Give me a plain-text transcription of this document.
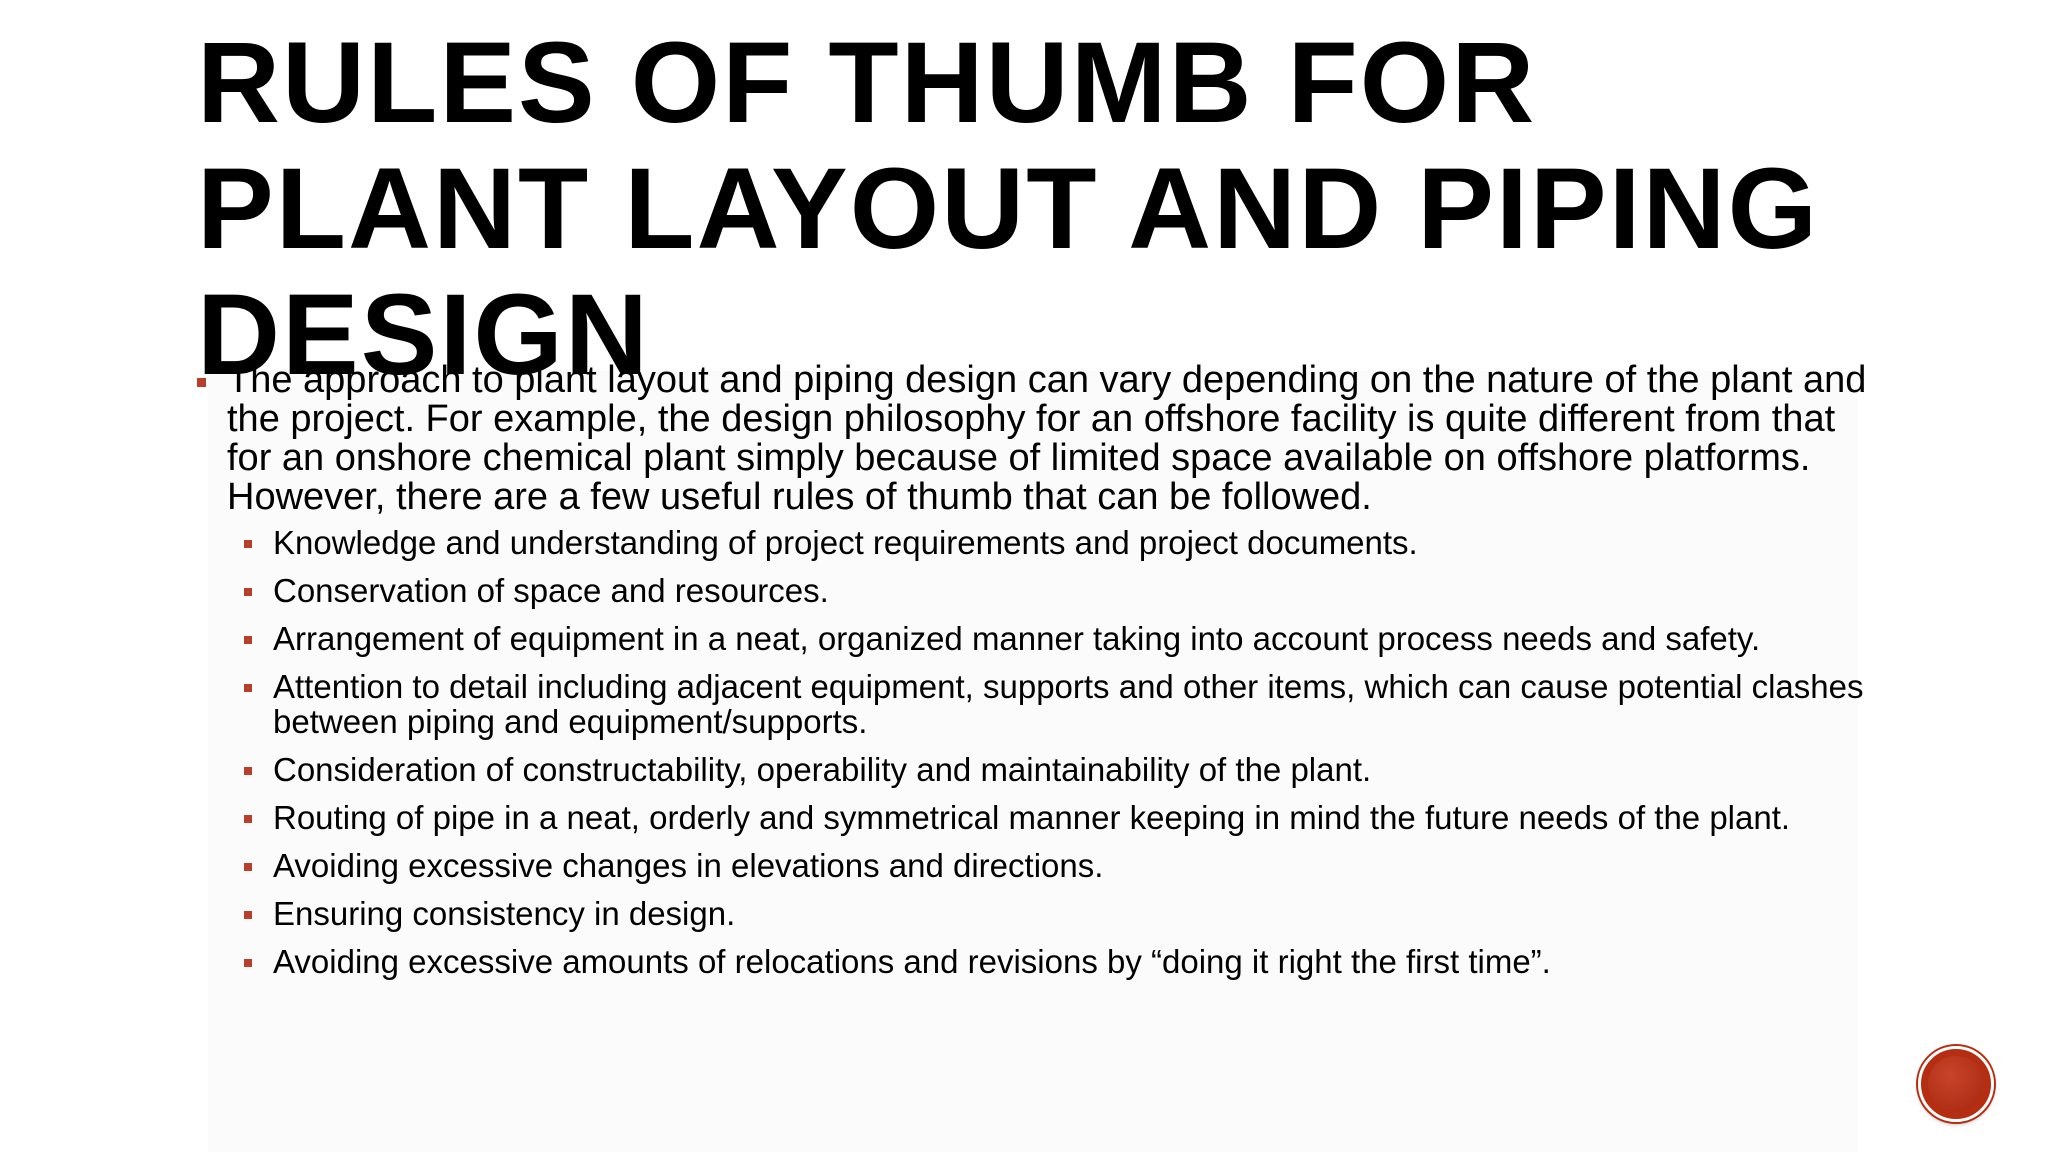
RULES OF THUMB FOR
PLANT LAYOUT AND PIPING
DESIGN
The approach to plant layout and piping design can vary depending on the nature of the plant and the project. For example, the design philosophy for an offshore facility is quite different from that for an onshore chemical plant simply because of limited space available on offshore platforms. However, there are a few useful rules of thumb that can be followed.
Knowledge and understanding of project requirements and project documents.
Conservation of space and resources.
Arrangement of equipment in a neat, organized manner taking into account process needs and safety.
Attention to detail including adjacent equipment, supports and other items, which can cause potential clashes between piping and equipment/supports.
Consideration of constructability, operability and maintainability of the plant.
Routing of pipe in a neat, orderly and symmetrical manner keeping in mind the future needs of the plant.
Avoiding excessive changes in elevations and directions.
Ensuring consistency in design.
Avoiding excessive amounts of relocations and revisions by “doing it right the first time”.
